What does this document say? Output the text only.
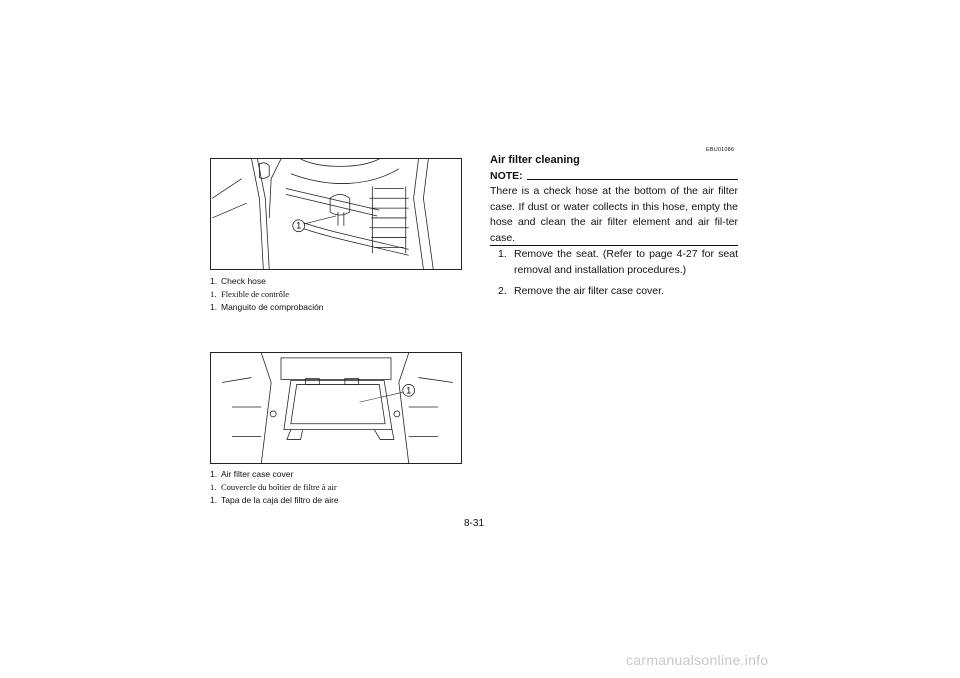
1
1. Check hose
1. Flexible de contrôle
1. Manguito de comprobación
1
1. Air filter case cover
1. Couvercle du boîtier de filtre à air
1. Tapa de la caja del filtro de aire
EBU01086
Air filter cleaning
NOTE:

There is a check hose at the bottom of the air filter case. If dust or water collects in this hose, empty the hose and clean the air filter element and air fil-ter case.

1. Remove the seat. (Refer to page 4-27 for seat removal and installation procedures.)
2. Remove the air filter case cover.
8-31
carmanualsonline.info
